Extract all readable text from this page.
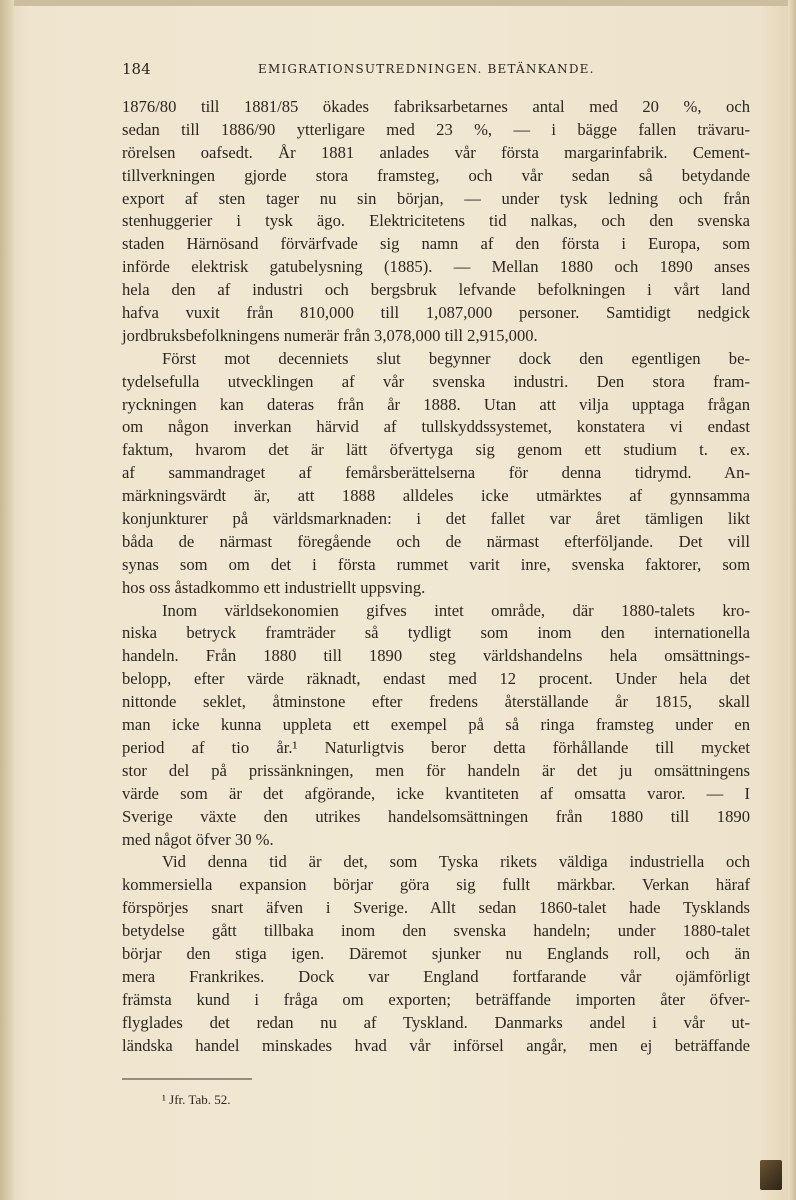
184	EMIGRATIONSUTREDNINGEN. BETÄNKANDE.
1876/80 till 1881/85 ökades fabriksarbetarnes antal med 20 %, och
sedan till 1886/90 ytterligare med 23 %, — i bägge fallen trävaru-
rörelsen oafsedt. År 1881 anlades vår första margarinfabrik. Cement-
tillverkningen gjorde stora framsteg, och vår sedan så betydande
export af sten tager nu sin början, — under tysk ledning och från
stenhuggerier i tysk ägo. Elektricitetens tid nalkas, och den svenska
staden Härnösand förvärfvade sig namn af den första i Europa, som
införde elektrisk gatubelysning (1885). — Mellan 1880 och 1890 anses
hela den af industri och bergsbruk lefvande befolkningen i vårt land
hafva vuxit från 810,000 till 1,087,000 personer. Samtidigt nedgick
jordbruksbefolkningens numerär från 3,078,000 till 2,915,000.
Först mot decenniets slut begynner dock den egentligen be-
tydelsefulla utvecklingen af vår svenska industri. Den stora fram-
ryckningen kan dateras från år 1888. Utan att vilja upptaga frågan
om någon inverkan härvid af tullskyddssystemet, konstatera vi endast
faktum, hvarom det är lätt öfvertyga sig genom ett studium t. ex.
af sammandraget af femårsberättelserna för denna tidrymd. An-
märkningsvärdt är, att 1888 alldeles icke utmärktes af gynnsamma
konjunkturer på världsmarknaden: i det fallet var året tämligen likt
båda de närmast föregående och de närmast efterföljande. Det vill
synas som om det i första rummet varit inre, svenska faktorer, som
hos oss åstadkommo ett industriellt uppsving.
Inom världsekonomien gifves intet område, där 1880-talets kro-
niska betryck framträder så tydligt som inom den internationella
handeln. Från 1880 till 1890 steg världshandelns hela omsättnings-
belopp, efter värde räknadt, endast med 12 procent. Under hela det
nittonde seklet, åtminstone efter fredens återställande år 1815, skall
man icke kunna uppleta ett exempel på så ringa framsteg under en
period af tio år.¹ Naturligtvis beror detta förhållande till mycket
stor del på prissänkningen, men för handeln är det ju omsättningens
värde som är det afgörande, icke kvantiteten af omsatta varor. — I
Sverige växte den utrikes handelsomsättningen från 1880 till 1890
med något öfver 30 %.
Vid denna tid är det, som Tyska rikets väldiga industriella och
kommersiella expansion börjar göra sig fullt märkbar. Verkan häraf
förspörjes snart äfven i Sverige. Allt sedan 1860-talet hade Tysklands
betydelse gått tillbaka inom den svenska handeln; under 1880-talet
börjar den stiga igen. Däremot sjunker nu Englands roll, och än
mera Frankrikes. Dock var England fortfarande vår ojämförligt
främsta kund i fråga om exporten; beträffande importen åter öfver-
flyglades det redan nu af Tyskland. Danmarks andel i vår ut-
ländska handel minskades hvad vår införsel angår, men ej beträffande
¹ Jfr. Tab. 52.
